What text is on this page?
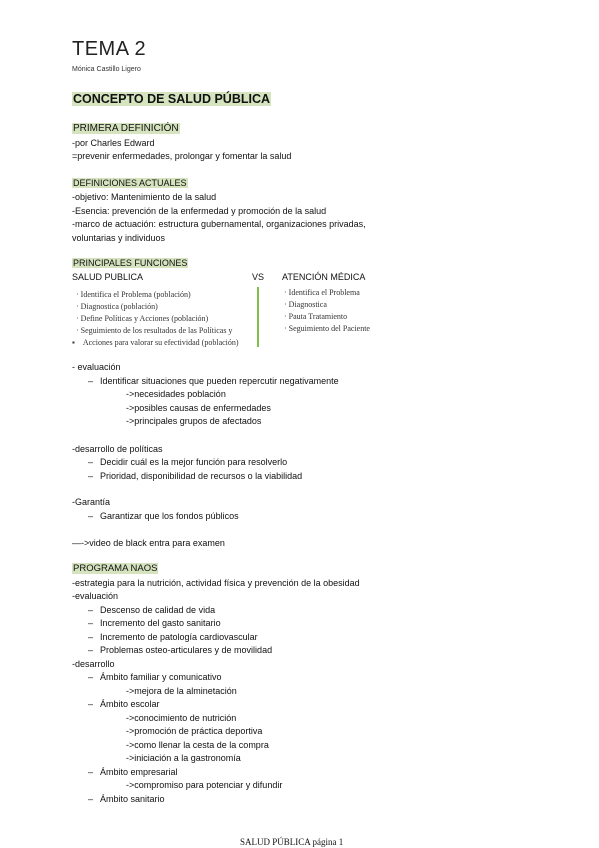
TEMA 2
Mónica Castillo Ligero
CONCEPTO DE SALUD PÚBLICA
PRIMERA DEFINICIÓN
-por Charles Edward
=prevenir enfermedades, prolongar y fomentar la salud
DEFINICIONES ACTUALES
-objetivo: Mantenimiento de la salud
-Esencia: prevención de la enfermedad y promoción de la salud
-marco de actuación: estructura gubernamental, organizaciones privadas,
voluntarias y individuos
PRINCIPALES FUNCIONES
SALUD PUBLICA	VS ATENCIÓN MÉDICA
· Identifica el Problema (población)
· Diagnostica (población)
· Define Políticas y Acciones (población)
· Seguimiento de los resultados de las Políticas y
▪ Acciones para valorar su efectividad (población)
· Identifica el Problema
· Diagnostica
· Pauta Tratamiento
· Seguimiento del Paciente
- evaluación
– Identificar situaciones que pueden repercutir negativamente
->necesidades población
->posibles causas de enfermedades
->principales grupos de afectados
-desarrollo de políticas
– Decidir cuál es la mejor función para resolverlo
– Prioridad, disponibilidad de recursos o la viabilidad
-Garantía
– Garantizar que los fondos públicos
—->video de black entra para examen
PROGRAMA NAOS
-estrategia para la nutrición, actividad física y prevención de la obesidad
-evaluación
– Descenso de calidad de vida
– Incremento del gasto sanitario
– Incremento de patología cardiovascular
– Problemas osteo-articulares y de movilidad
-desarrollo
– Ámbito familiar y comunicativo
->mejora de la alminetación
– Ámbito escolar
->conocimiento de nutrición
->promoción de práctica deportiva
->como llenar la cesta de la compra
->iniciación a la gastronomía
– Ámbito empresarial
->compromiso para potenciar y difundir
– Ámbito sanitario
SALUD PÚBLICA página 1
